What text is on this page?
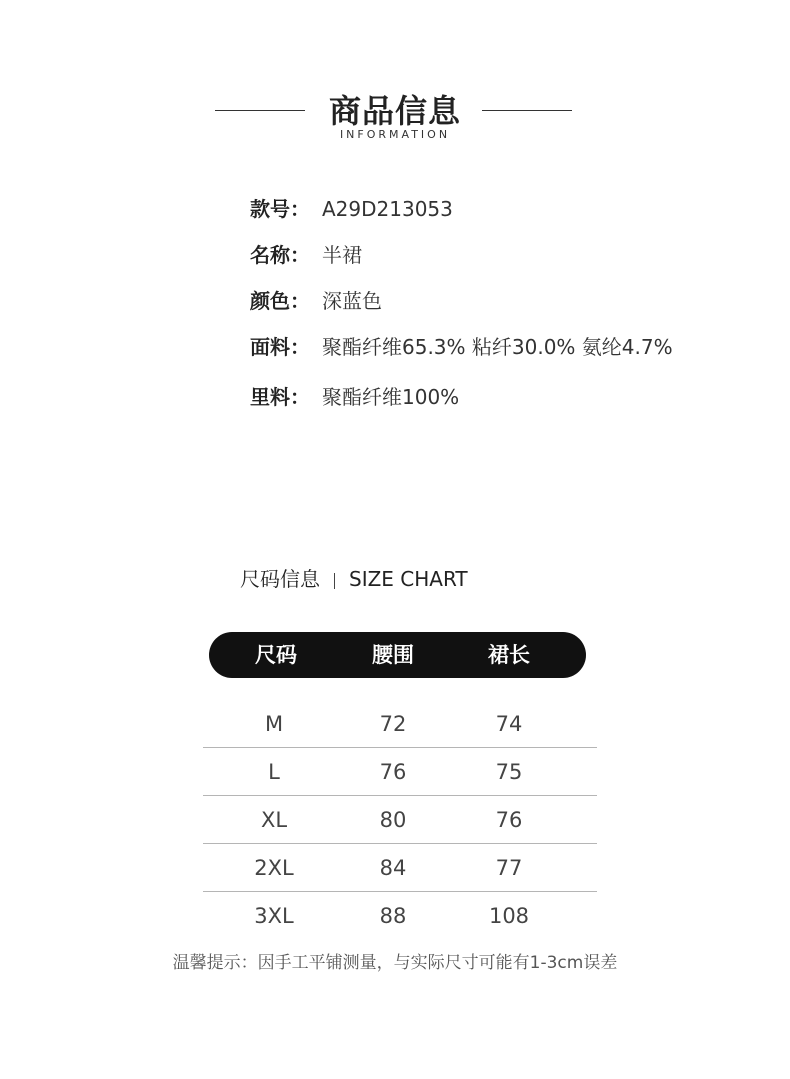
商品信息
INFORMATION
款号： A29D213053
名称： 半裙
颜色： 深蓝色
面料： 聚酯纤维65.3% 粘纤30.0% 氨纶4.7%
里料： 聚酯纤维100%
尺码信息 SIZE CHART
尺码	腰围	裙长
M	72	74
L	76	75
XL	80	76
2XL	84	77
3XL	88	108
温馨提示：因手工平铺测量，与实际尺寸可能有1-3cm误差
